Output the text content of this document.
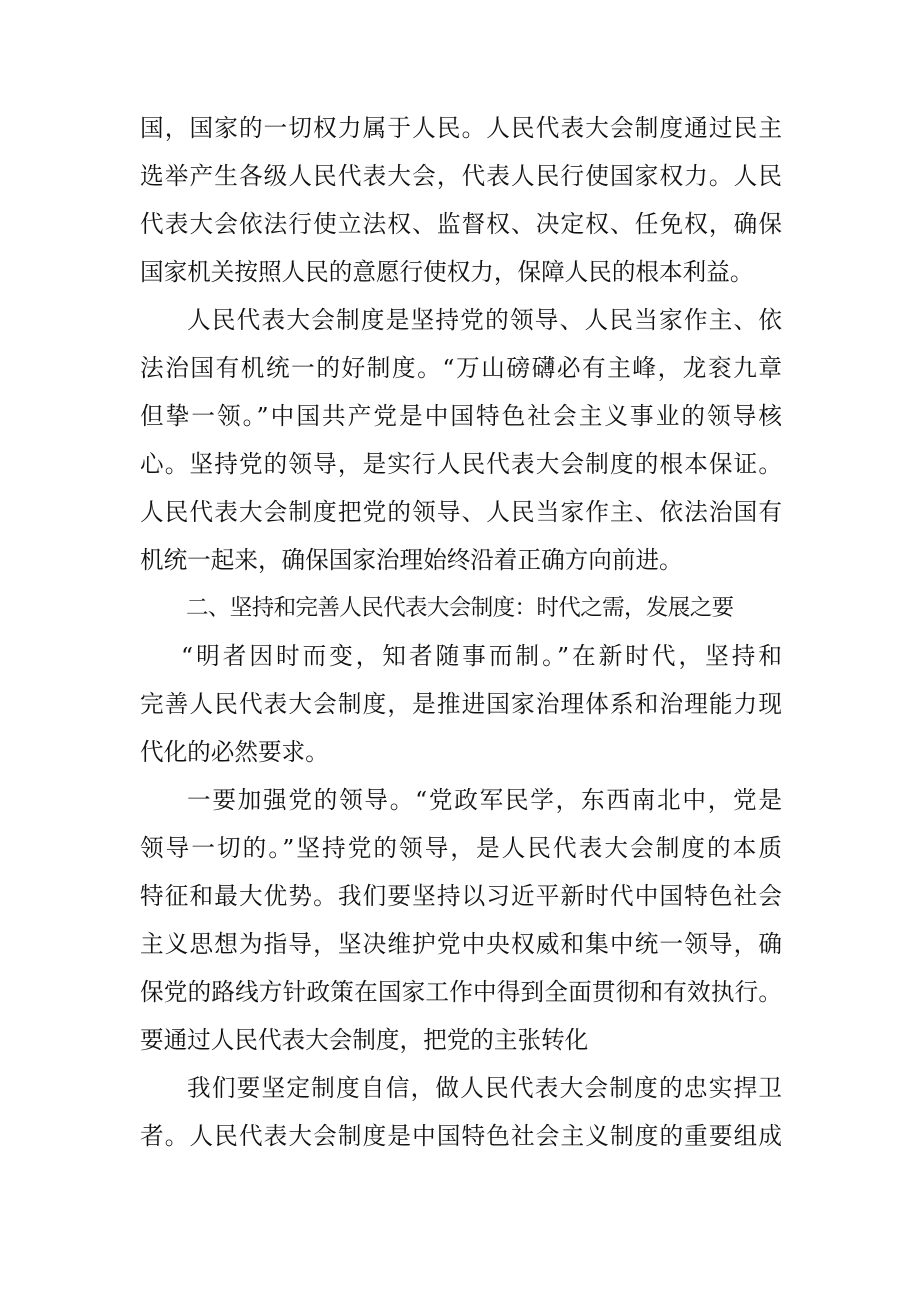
国，国家的一切权力属于人民。人民代表大会制度通过民主
选举产生各级人民代表大会，代表人民行使国家权力。人民
代表大会依法行使立法权、监督权、决定权、任免权，确保
国家机关按照人民的意愿行使权力，保障人民的根本利益。
人民代表大会制度是坚持党的领导、人民当家作主、依
法治国有机统一的好制度。“万山磅礴必有主峰，龙衮九章
但挚一领。”中国共产党是中国特色社会主义事业的领导核
心。坚持党的领导，是实行人民代表大会制度的根本保证。
人民代表大会制度把党的领导、人民当家作主、依法治国有
机统一起来，确保国家治理始终沿着正确方向前进。
二、坚持和完善人民代表大会制度：时代之需，发展之要
“明者因时而变，知者随事而制。”在新时代，坚持和
完善人民代表大会制度，是推进国家治理体系和治理能力现
代化的必然要求。
一要加强党的领导。“党政军民学，东西南北中，党是
领导一切的。”坚持党的领导，是人民代表大会制度的本质
特征和最大优势。我们要坚持以习近平新时代中国特色社会
主义思想为指导，坚决维护党中央权威和集中统一领导，确
保党的路线方针政策在国家工作中得到全面贯彻和有效执行。
要通过人民代表大会制度，把党的主张转化
我们要坚定制度自信，做人民代表大会制度的忠实捍卫
者。人民代表大会制度是中国特色社会主义制度的重要组成
